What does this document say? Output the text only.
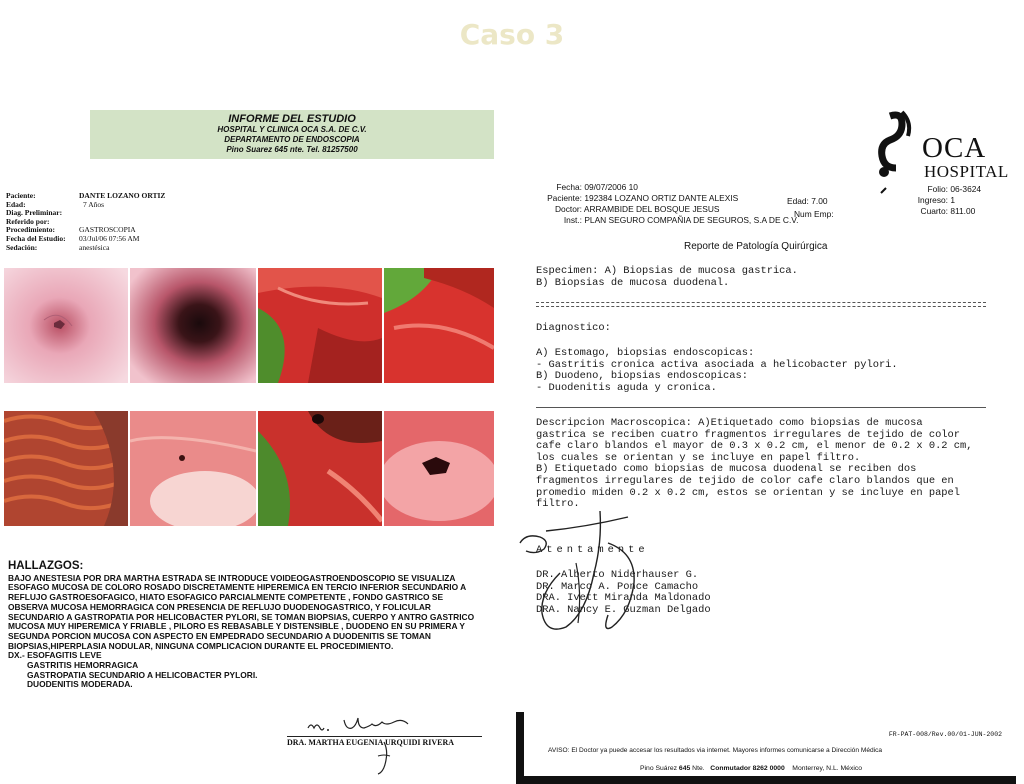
Caso 3
INFORME DEL ESTUDIO
HOSPITAL Y CLINICA OCA S.A. DE C.V.
DEPARTAMENTO DE ENDOSCOPIA
Pino Suarez 645 nte. Tel. 81257500
Paciente:	DANTE LOZANO ORTIZ
Edad:	7 Años
Diag. Preliminar:
Referido por:
Procedimiento:	GASTROSCOPIA
Fecha del Estudio:	03/Jul/06 07:56 AM
Sedación:	anestésica
HALLAZGOS:
BAJO ANESTESIA POR DRA MARTHA ESTRADA SE INTRODUCE VOIDEOGASTROENDOSCOPIO SE VISUALIZA
ESOFAGO MUCOSA DE COLORO ROSADO DISCRETAMENTE HIPEREMICA EN TERCIO INFERIOR SECUNDARIO A
REFLUJO GASTROESOFAGICO, HIATO ESOFAGICO PARCIALMENTE COMPETENTE , FONDO GASTRICO SE
OBSERVA MUCOSA HEMORRAGICA CON PRESENCIA DE REFLUJO DUODENOGASTRICO, Y FOLICULAR
SECUNDARIO A GASTROPATIA POR HELICOBACTER PYLORI, SE TOMAN BIOPSIAS, CUERPO Y ANTRO GASTRICO
MUCOSA MUY HIPEREMICA Y FRIABLE , PILORO ES REBASABLE Y DISTENSIBLE , DUODENO EN SU PRIMERA Y
SEGUNDA PORCION MUCOSA CON ASPECTO EN EMPEDRADO SECUNDARIO A DUODENITIS SE TOMAN
BIOPSIAS,HIPERPLASIA NODULAR, NINGUNA COMPLICACION DURANTE EL PROCEDIMIENTO.
DX.- ESOFAGITIS LEVE
GASTRITIS HEMORRAGICA
GASTROPATIA SECUNDARIO A HELICOBACTER PYLORI.
DUODENITIS MODERADA.
DRA. MARTHA EUGENIA URQUIDI RIVERA
OCA
HOSPITAL
Fecha: 09/07/2006 10
Paciente: 192384 LOZANO ORTIZ DANTE ALEXIS
Doctor: ARRAMBIDE DEL BOSQUE JESUS
Inst.: PLAN SEGURO COMPAÑIA DE SEGUROS, S.A DE C.V.
Edad: 7.00
Num Emp:
Folio: 06-3624
Ingreso: 1
Cuarto: 811.00
Reporte de Patología Quirúrgica
Especimen: A) Biopsias de mucosa gastrica.
B) Biopsias de mucosa duodenal.
Diagnostico:
A) Estomago, biopsias endoscopicas:
- Gastritis cronica activa asociada a helicobacter pylori.
B) Duodeno, biopsias endoscopicas:
- Duodenitis aguda y cronica.
Descripcion Macroscopica: A)Etiquetado como biopsias de mucosa
gastrica se reciben cuatro fragmentos irregulares de tejido de color
cafe claro blandos el mayor de 0.3 x 0.2 cm, el menor de 0.2 x 0.2 cm,
los cuales se orientan y se incluye en papel filtro.
B) Etiquetado como biopsias de mucosa duodenal se reciben dos
fragmentos irregulares de tejido de color cafe claro blandos que en
promedio miden 0.2 x 0.2 cm, estos se orientan y se incluye en papel
filtro.
Atentamente
DR. Alberto Niderhauser G.
DR. Marco A. Ponce Camacho
DRA. Ivett Miranda Maldonado
DRA. Nancy E. Guzman Delgado
FR-PAT-008/Rev.00/01-JUN-2002
AVISO: El Doctor ya puede accesar los resultados via internet. Mayores informes comunicarse a Dirección Médica
Pino Suárez 645 Nte. Conmutador 8262 0000 Monterrey, N.L. México
